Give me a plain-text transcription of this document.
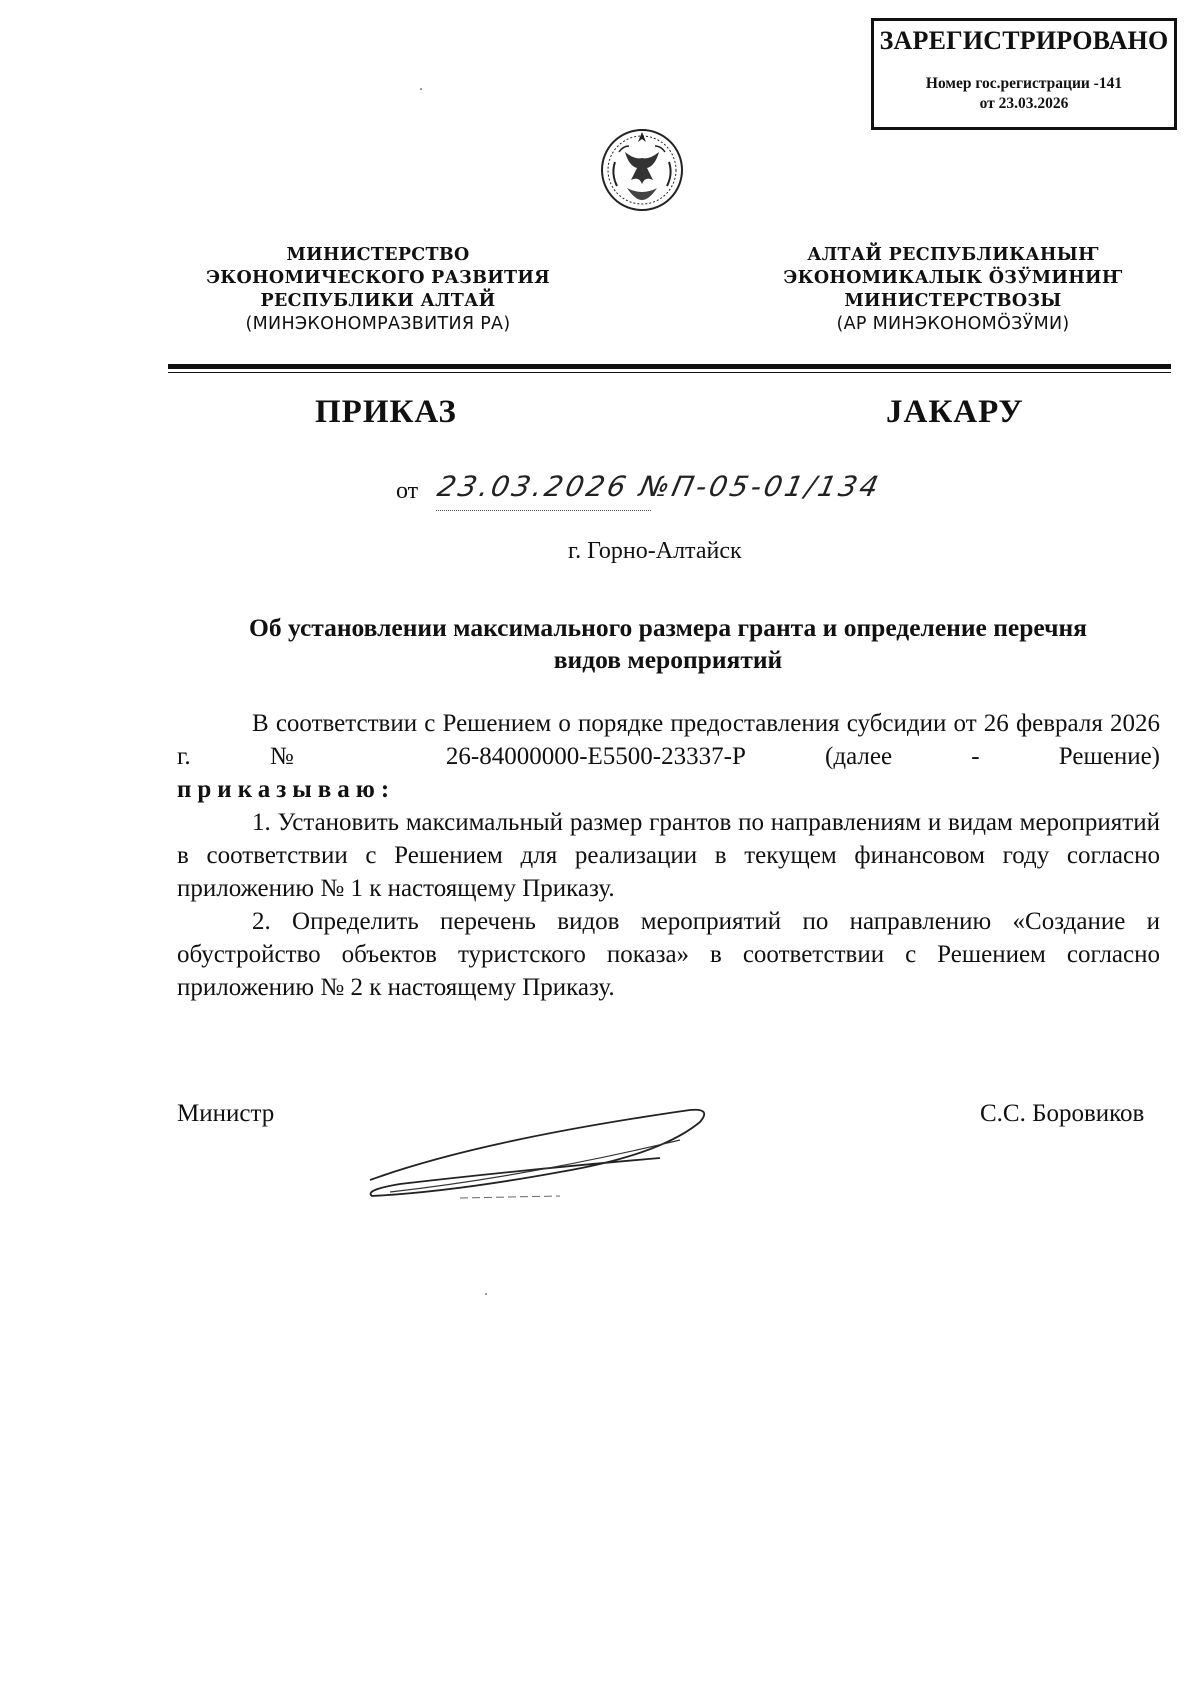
ЗАРЕГИСТРИРОВАНО
Номер гос.регистрации -141
от 23.03.2026
МИНИСТЕРСТВО
ЭКОНОМИЧЕСКОГО РАЗВИТИЯ
РЕСПУБЛИКИ АЛТАЙ
(МИНЭКОНОМРАЗВИТИЯ РА)
АЛТАЙ РЕСПУБЛИКАНЫҤ
ЭКОНОМИКАЛЫК ÖЗӰМИНИҤ
МИНИСТЕРСТВОЗЫ
(АР МИНЭКОНОМÖЗӰМИ)
ПРИКАЗ	JАКАРУ
от 23.03.2026 №П-05-01/134
г. Горно-Алтайск
Об установлении максимального размера гранта и определение перечня
видов мероприятий

В соответствии с Решением о порядке предоставления субсидии от 26 февраля 2026 г. № 26-84000000-Е5500-23337-Р (далее - Решение)

приказываю:

1. Установить максимальный размер грантов по направлениям и видам мероприятий в соответствии с Решением для реализации в текущем финансовом году согласно приложению № 1 к настоящему Приказу.

2. Определить перечень видов мероприятий по направлению «Создание и обустройство объектов туристского показа» в соответствии с Решением согласно приложению № 2 к настоящему Приказу.

Министр	С.С. Боровиков
